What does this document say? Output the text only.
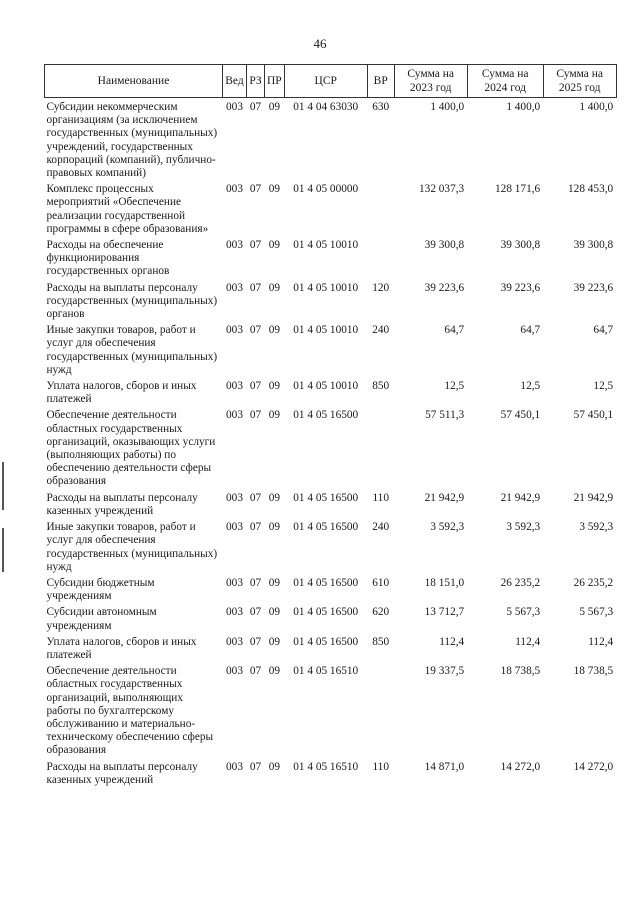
46
Наименование	Вед	РЗ	ПР	ЦСР	ВР	Сумма на 2023 год	Сумма на 2024 год	Сумма на 2025 год
Субсидии некоммерческим организациям (за исключением государственных (муниципальных) учреждений, государственных корпораций (компаний), публично-правовых компаний)	003	07	09	01 4 04 63030	630	1 400,0	1 400,0	1 400,0
Комплекс процессных мероприятий «Обеспечение реализации государственной программы в сфере образования»	003	07	09	01 4 05 00000		132 037,3	128 171,6	128 453,0
Расходы на обеспечение функционирования государственных органов	003	07	09	01 4 05 10010		39 300,8	39 300,8	39 300,8
Расходы на выплаты персоналу государственных (муниципальных) органов	003	07	09	01 4 05 10010	120	39 223,6	39 223,6	39 223,6
Иные закупки товаров, работ и услуг для обеспечения государственных (муниципальных) нужд	003	07	09	01 4 05 10010	240	64,7	64,7	64,7
Уплата налогов, сборов и иных платежей	003	07	09	01 4 05 10010	850	12,5	12,5	12,5
Обеспечение деятельности областных государственных организаций, оказывающих услуги (выполняющих работы) по обеспечению деятельности сферы образования	003	07	09	01 4 05 16500		57 511,3	57 450,1	57 450,1
Расходы на выплаты персоналу казенных учреждений	003	07	09	01 4 05 16500	110	21 942,9	21 942,9	21 942,9
Иные закупки товаров, работ и услуг для обеспечения государственных (муниципальных) нужд	003	07	09	01 4 05 16500	240	3 592,3	3 592,3	3 592,3
Субсидии бюджетным учреждениям	003	07	09	01 4 05 16500	610	18 151,0	26 235,2	26 235,2
Субсидии автономным учреждениям	003	07	09	01 4 05 16500	620	13 712,7	5 567,3	5 567,3
Уплата налогов, сборов и иных платежей	003	07	09	01 4 05 16500	850	112,4	112,4	112,4
Обеспечение деятельности областных государственных организаций, выполняющих работы по бухгалтерскому обслуживанию и материально-техническому обеспечению сферы образования	003	07	09	01 4 05 16510		19 337,5	18 738,5	18 738,5
Расходы на выплаты персоналу казенных учреждений	003	07	09	01 4 05 16510	110	14 871,0	14 272,0	14 272,0
